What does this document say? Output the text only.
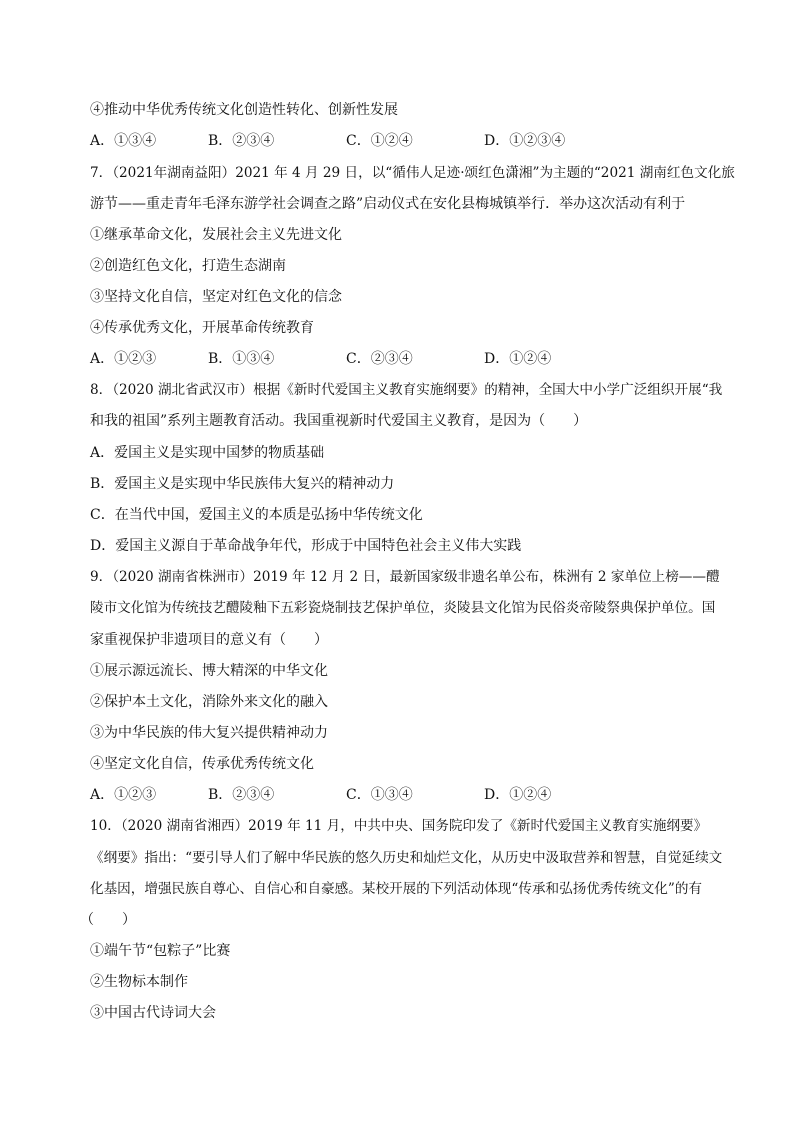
④推动中华优秀传统文化创造性转化、创新性发展
A．①③④	B．②③④	C．①②④	D．①②③④
7．（2021年湖南益阳）2021 年 4 月 29 日，以“循伟人足迹·颂红色潇湘”为主题的“2021 湖南红色文化旅
游节——重走青年毛泽东游学社会调查之路”启动仪式在安化县梅城镇举行．举办这次活动有利于
①继承革命文化，发展社会主义先进文化
②创造红色文化，打造生态湖南
③坚持文化自信，坚定对红色文化的信念
④传承优秀文化，开展革命传统教育
A．①②③	B．①③④	C．②③④	D．①②④
8．（2020 湖北省武汉市）根据《新时代爱国主义教育实施纲要》的精神，全国大中小学广泛组织开展“我
和我的祖国”系列主题教育活动。我国重视新时代爱国主义教育，是因为（　　）
A．爱国主义是实现中国梦的物质基础
B．爱国主义是实现中华民族伟大复兴的精神动力
C．在当代中国，爱国主义的本质是弘扬中华传统文化
D．爱国主义源自于革命战争年代，形成于中国特色社会主义伟大实践
9．（2020 湖南省株洲市）2019 年 12 月 2 日，最新国家级非遗名单公布，株洲有 2 家单位上榜——醴
陵市文化馆为传统技艺醴陵釉下五彩瓷烧制技艺保护单位，炎陵县文化馆为民俗炎帝陵祭典保护单位。国
家重视保护非遗项目的意义有（　　）
①展示源远流长、博大精深的中华文化
②保护本土文化，消除外来文化的融入
③为中华民族的伟大复兴提供精神动力
④坚定文化自信，传承优秀传统文化
A．①②③	B．②③④	C．①③④	D．①②④
10．（2020 湖南省湘西）2019 年 11 月，中共中央、国务院印发了《新时代爱国主义教育实施纲要》
《纲要》指出：“要引导人们了解中华民族的悠久历史和灿烂文化，从历史中汲取营养和智慧，自觉延续文
化基因，增强民族自尊心、自信心和自豪感。某校开展的下列活动体现“传承和弘扬优秀传统文化”的有
（　　）
①端午节“包粽子”比赛
②生物标本制作
③中国古代诗词大会
